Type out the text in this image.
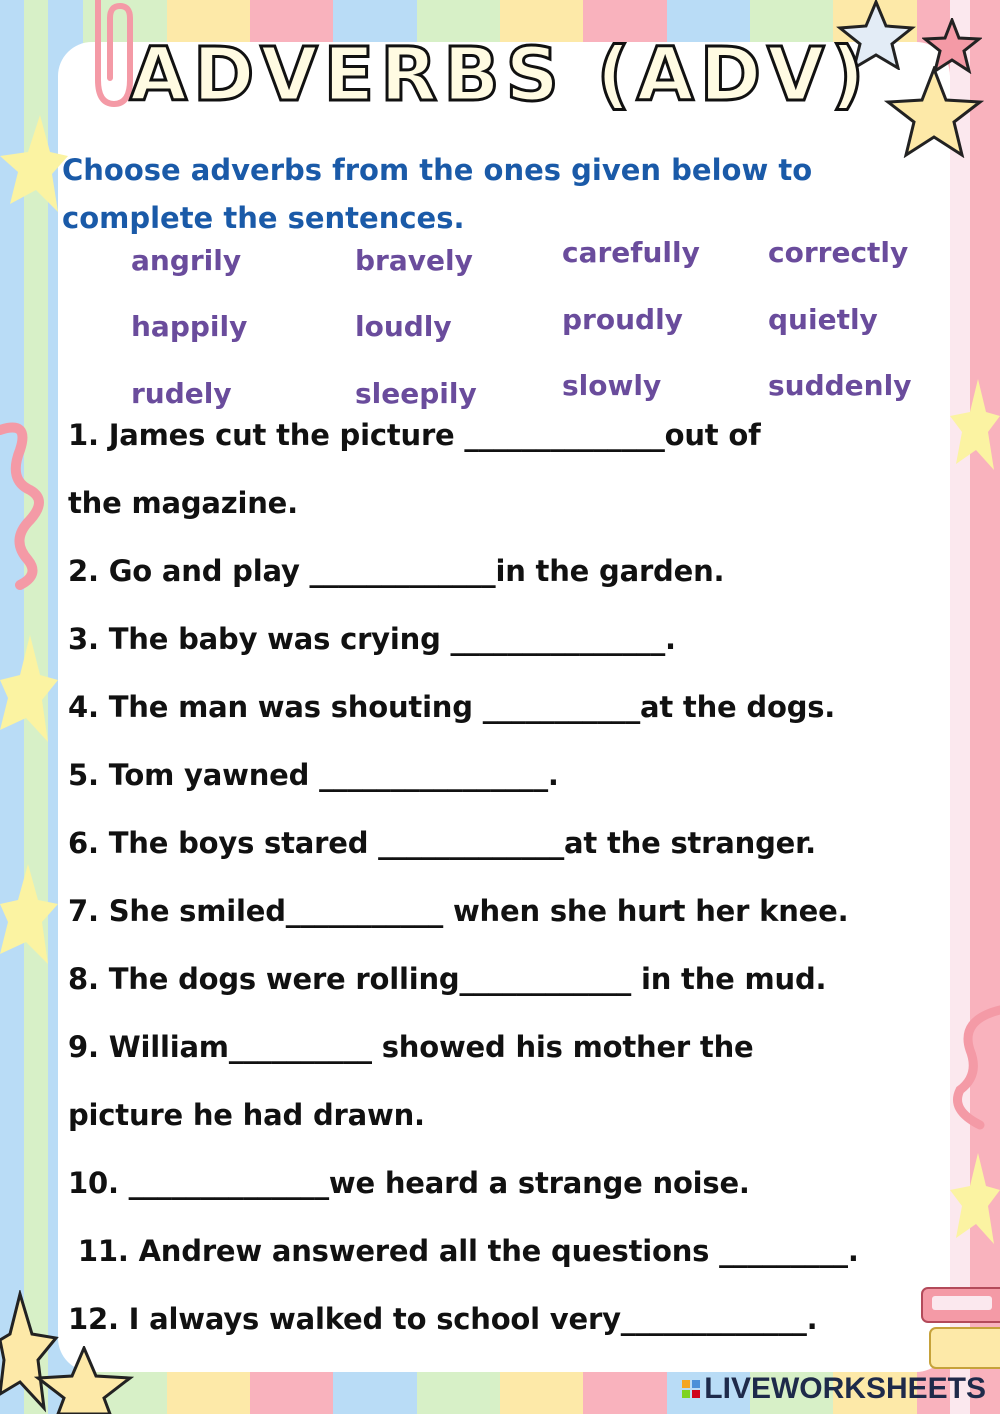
ADVERBS (ADV)
Choose adverbs from the ones given below to complete the sentences.
angrily	bravely	carefully correctly
happily	loudly	proudly	quietly
rudely	sleepily	slowly	suddenly
1. James cut the picture ______________out of
the magazine.
2. Go and play _____________in the garden.
3. The baby was crying _______________.
4. The man was shouting ___________at the dogs.
5. Tom yawned ________________.
6. The boys stared _____________at the stranger.
7. She smiled___________ when she hurt her knee.
8. The dogs were rolling____________ in the mud.
9. William__________ showed his mother the
picture he had drawn.
10. ______________we heard a strange noise.
11. Andrew answered all the questions _________.
12. I always walked to school very_____________.
LIVEWORKSHEETS
